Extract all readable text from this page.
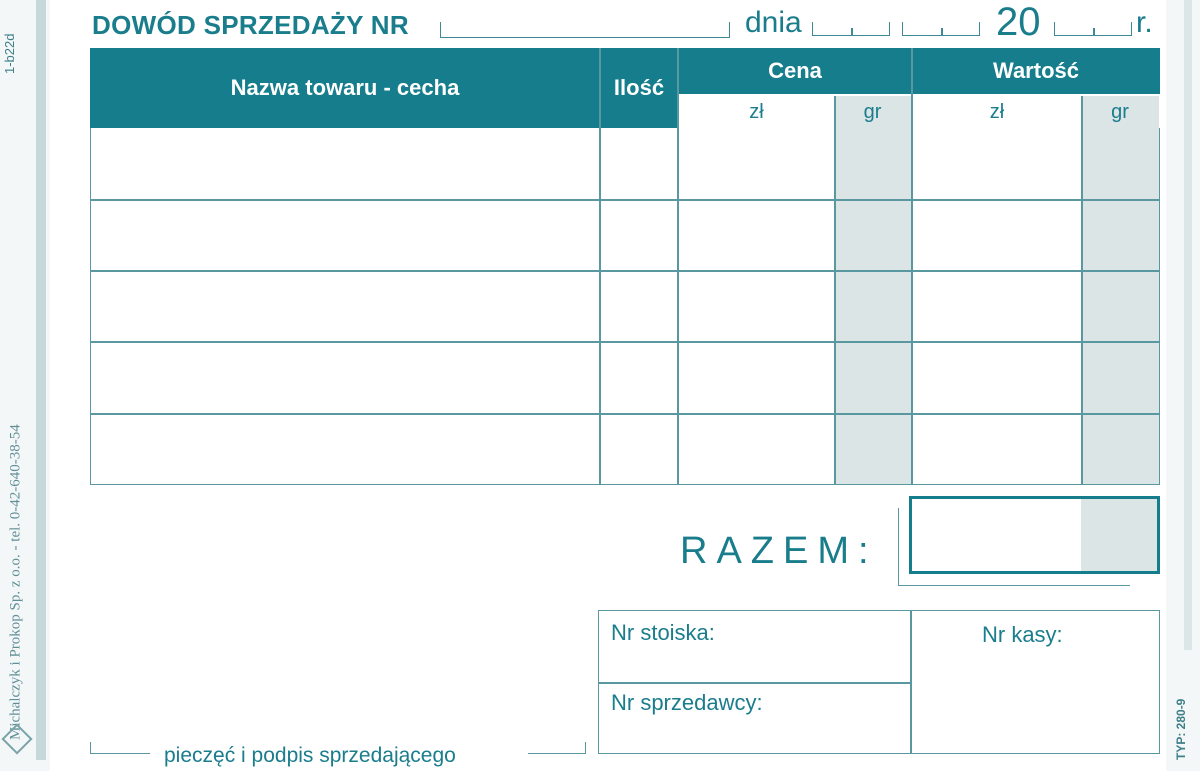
1-b22d
Michalczyk i Prokop Sp. z o.o. - tel. 0-42-640-38-54	TYP: 280-9
DOWÓD SPRZEDAŻY NR	dnia	20	r.
Nazwa towaru - cecha	Ilość
Cena	Wartość
zł	gr	zł	gr
RAZEM:
Nr stoiska:
Nr sprzedawcy:
Nr kasy:
pieczęć i podpis sprzedającego
